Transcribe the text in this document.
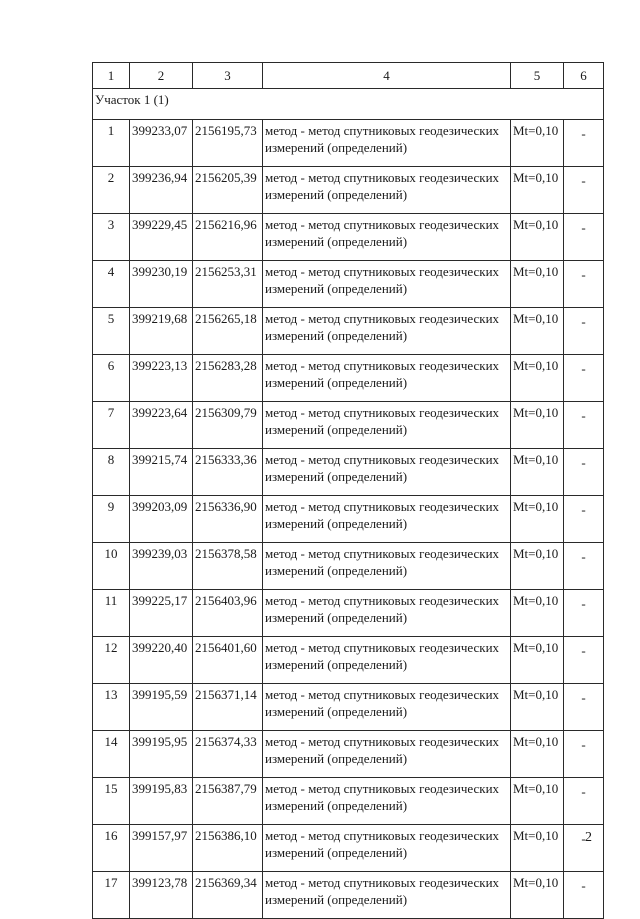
1	2	3	4	5	6
Участок 1 (1)					
1	399233,07	2156195,73	метод - метод спутниковых геодезических измерений (определений)	Mt=0,10	-
2	399236,94	2156205,39	метод - метод спутниковых геодезических измерений (определений)	Mt=0,10	-
3	399229,45	2156216,96	метод - метод спутниковых геодезических измерений (определений)	Mt=0,10	-
4	399230,19	2156253,31	метод - метод спутниковых геодезических измерений (определений)	Mt=0,10	-
5	399219,68	2156265,18	метод - метод спутниковых геодезических измерений (определений)	Mt=0,10	-
6	399223,13	2156283,28	метод - метод спутниковых геодезических измерений (определений)	Mt=0,10	-
7	399223,64	2156309,79	метод - метод спутниковых геодезических измерений (определений)	Mt=0,10	-
8	399215,74	2156333,36	метод - метод спутниковых геодезических измерений (определений)	Mt=0,10	-
9	399203,09	2156336,90	метод - метод спутниковых геодезических измерений (определений)	Mt=0,10	-
10	399239,03	2156378,58	метод - метод спутниковых геодезических измерений (определений)	Mt=0,10	-
11	399225,17	2156403,96	метод - метод спутниковых геодезических измерений (определений)	Mt=0,10	-
12	399220,40	2156401,60	метод - метод спутниковых геодезических измерений (определений)	Mt=0,10	-
13	399195,59	2156371,14	метод - метод спутниковых геодезических измерений (определений)	Mt=0,10	-
14	399195,95	2156374,33	метод - метод спутниковых геодезических измерений (определений)	Mt=0,10	-
15	399195,83	2156387,79	метод - метод спутниковых геодезических измерений (определений)	Mt=0,10	-
16	399157,97	2156386,10	метод - метод спутниковых геодезических измерений (определений)	Mt=0,10	-
17	399123,78	2156369,34	метод - метод спутниковых геодезических измерений (определений)	Mt=0,10	-
2
